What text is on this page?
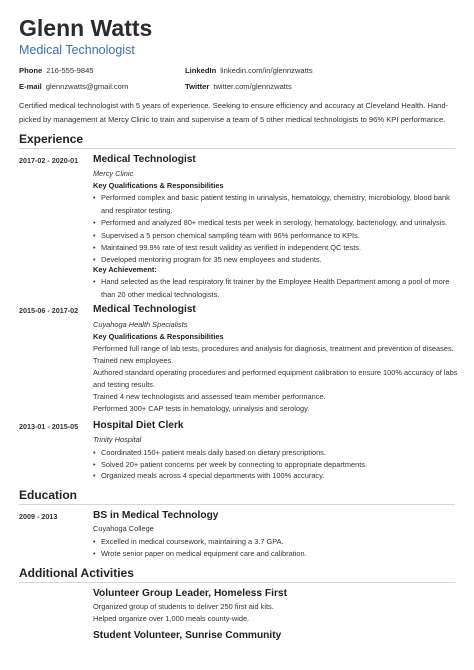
Glenn Watts
Medical Technologist
Phone 216-555-9845	LinkedIn linkedin.com/in/glennzwatts
E-mail glennzwatts@gmail.com	Twitter twitter.com/glennzwatts
Certified medical technologist with 5 years of experience. Seeking to ensure efficiency and accuracy at Cleveland Health. Hand-picked by management at Mercy Clinic to train and supervise a team of 5 other medical technologists to 96% KPI performance.
Experience
2017-02 - 2020-01 Medical Technologist
Mercy Clinic
Key Qualifications & Responsibilities
• Performed complex and basic patient testing in urinalysis, hematology, chemistry, microbiology, blood bank and respirator testing.
• Performed and analyzed 80+ medical tests per week in serology, hematology, bacteriology, and urinalysis.
• Supervised a 5 person chemical sampling team with 96% performance to KPIs.
• Maintained 99.9% rate of test result validity as verified in independent QC tests.
• Developed mentoring program for 35 new employees and students.
Key Achievement:
• Hand selected as the lead respiratory fit trainer by the Employee Health Department among a pool of more than 20 other medical technologists.
2015-06 - 2017-02 Medical Technologist
Cuyahoga Health Specialists
Key Qualifications & Responsibilities
Performed full range of lab tests, procedures and analysis for diagnosis, treatment and prevention of diseases.
Trained new employees.
Authored standard operating procedures and performed equipment calibration to ensure 100% accuracy of labs
and testing results.
Trained 4 new technologists and assessed team member performance.
Performed 300+ CAP tests in hematology, urinalysis and serology.
2013-01 - 2015-05 Hospital Diet Clerk
Trinity Hospital
• Coordinated 150+ patient meals daily based on dietary prescriptions.
• Solved 20+ patient concerns per week by connecting to appropriate departments.
• Organized meals across 4 special departments with 100% accuracy.
Education
2009 - 2013	BS in Medical Technology
Cuyahoga College
• Excelled in medical coursework, maintaining a 3.7 GPA.
• Wrote senior paper on medical equipment care and calibration.
Additional Activities
Volunteer Group Leader, Homeless First
Organized group of students to deliver 250 first aid kits.
Helped organize over 1,000 meals county-wide.
Student Volunteer, Sunrise Community
